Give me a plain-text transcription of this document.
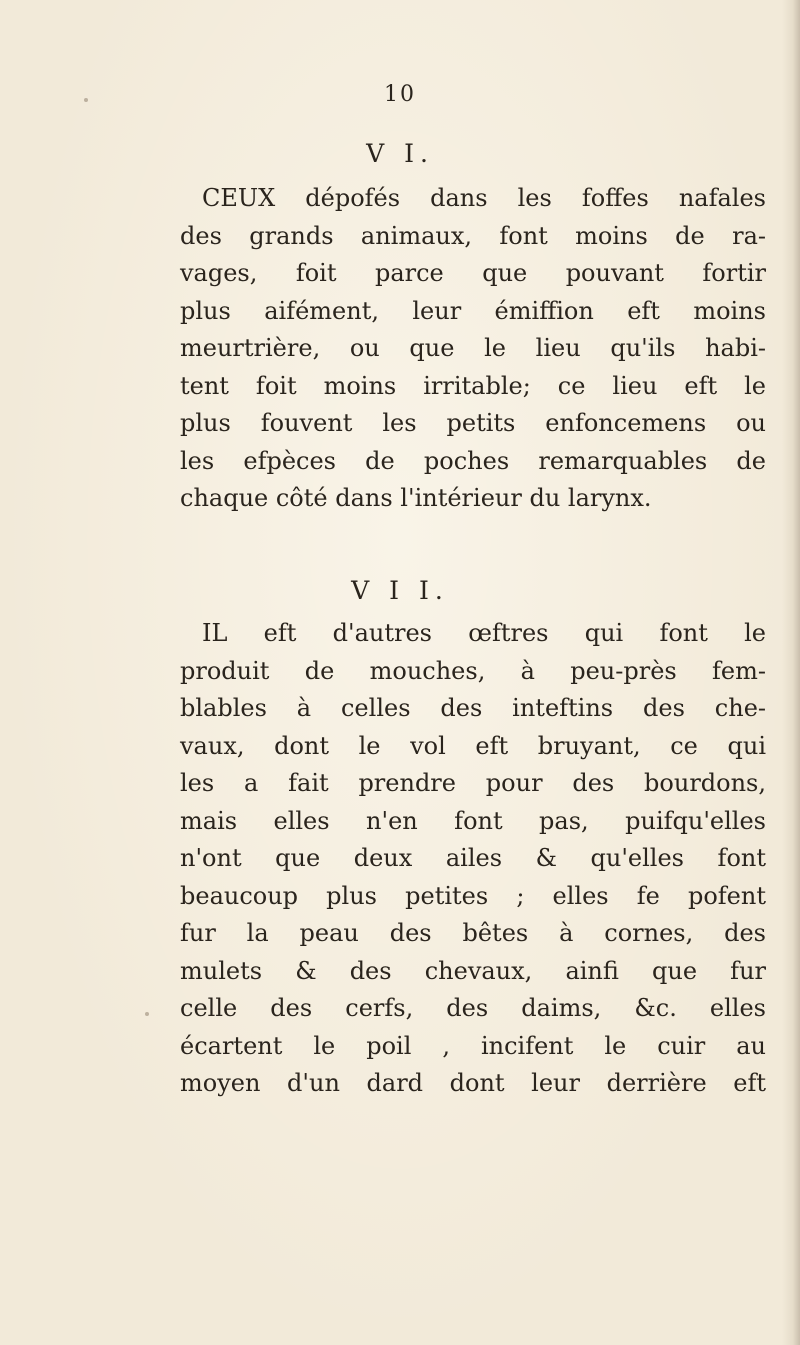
10
V I.
CEUX dépofés dans les foffes nafales
des grands animaux, font moins de ra-
vages, foit parce que pouvant fortir
plus aifément, leur émiffion eft moins
meurtrière, ou que le lieu qu'ils habi-
tent foit moins irritable; ce lieu eft le
plus fouvent les petits enfoncemens ou
les efpèces de poches remarquables de
chaque côté dans l'intérieur du larynx.
V I I.
IL eft d'autres œftres qui font le
produit de mouches, à peu-près fem-
blables à celles des inteftins des che-
vaux, dont le vol eft bruyant, ce qui
les a fait prendre pour des bourdons,
mais elles n'en font pas, puifqu'elles
n'ont que deux ailes & qu'elles font
beaucoup plus petites ; elles fe pofent
fur la peau des bêtes à cornes, des
mulets & des chevaux, ainfi que fur
celle des cerfs, des daims, &c. elles
écartent le poil , incifent le cuir au
moyen d'un dard dont leur derrière eft
